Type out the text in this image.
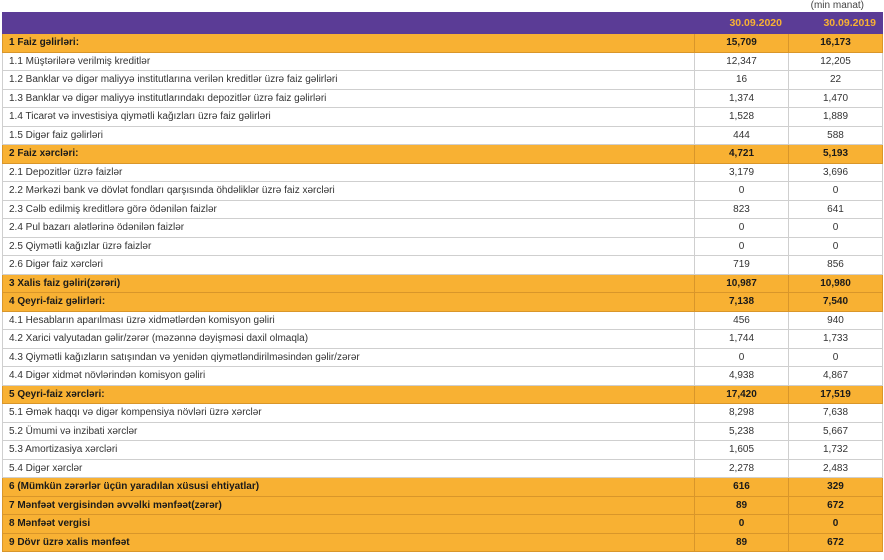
(min manat)
	30.09.2020	30.09.2019
1 Faiz gəlirləri:	15,709	16,173
1.1 Müştərilərə verilmiş kreditlər	12,347	12,205
1.2 Banklar və digər maliyyə institutlarına verilən kreditlər üzrə faiz gəlirləri	16	22
1.3 Banklar və digər maliyyə institutlarındakı depozitlər üzrə faiz gəlirləri	1,374	1,470
1.4 Ticarət və investisiya qiymətli kağızları üzrə faiz gəlirləri	1,528	1,889
1.5 Digər faiz gəlirləri	444	588
2 Faiz xərcləri:	4,721	5,193
2.1 Depozitlər üzrə faizlər	3,179	3,696
2.2 Mərkəzi bank və dövlət fondları qarşısında öhdəliklər üzrə faiz xərcləri	0	0
2.3 Cəlb edilmiş kreditlərə görə ödənilən faizlər	823	641
2.4 Pul bazarı alətlərinə ödənilən faizlər	0	0
2.5 Qiymətli kağızlar üzrə faizlər	0	0
2.6 Digər faiz xərcləri	719	856
3 Xalis faiz gəliri(zərəri)	10,987	10,980
4 Qeyri-faiz gəlirləri:	7,138	7,540
4.1 Hesabların aparılması üzrə xidmətlərdən komisyon gəliri	456	940
4.2 Xarici valyutadan gəlir/zərər (məzənnə dəyişməsi daxil olmaqla)	1,744	1,733
4.3 Qiymətli kağızların satışından və yenidən qiymətləndirilməsindən gəlir/zərər	0	0
4.4 Digər xidmət növlərindən komisyon gəliri	4,938	4,867
5 Qeyri-faiz xərcləri:	17,420	17,519
5.1 Əmək haqqı və digər kompensiya növləri üzrə xərclər	8,298	7,638
5.2 Ümumi və inzibati xərclər	5,238	5,667
5.3 Amortizasiya xərcləri	1,605	1,732
5.4 Digər xərclər	2,278	2,483
6 (Mümkün zərərlər üçün yaradılan xüsusi ehtiyatlar)	616	329
7 Mənfəət vergisindən əvvəlki mənfəət(zərər)	89	672
8 Mənfəət vergisi	0	0
9 Dövr üzrə xalis mənfəət	89	672
